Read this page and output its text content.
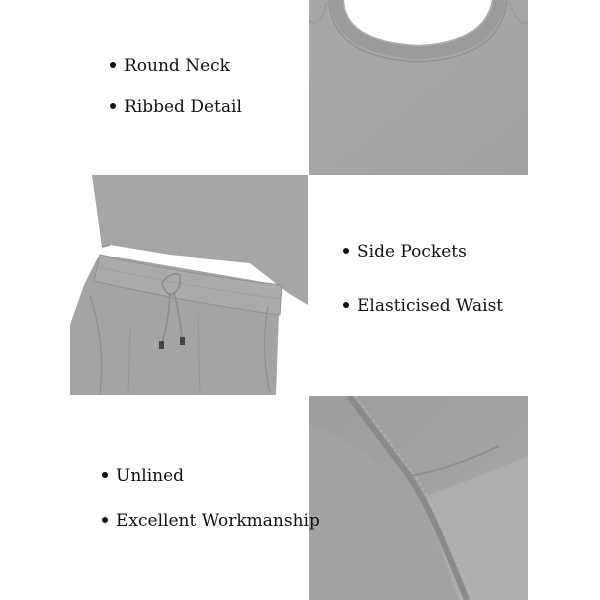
Round Neck
Ribbed Detail
Side Pockets
Elasticised Waist
Unlined
Excellent Workmanship
